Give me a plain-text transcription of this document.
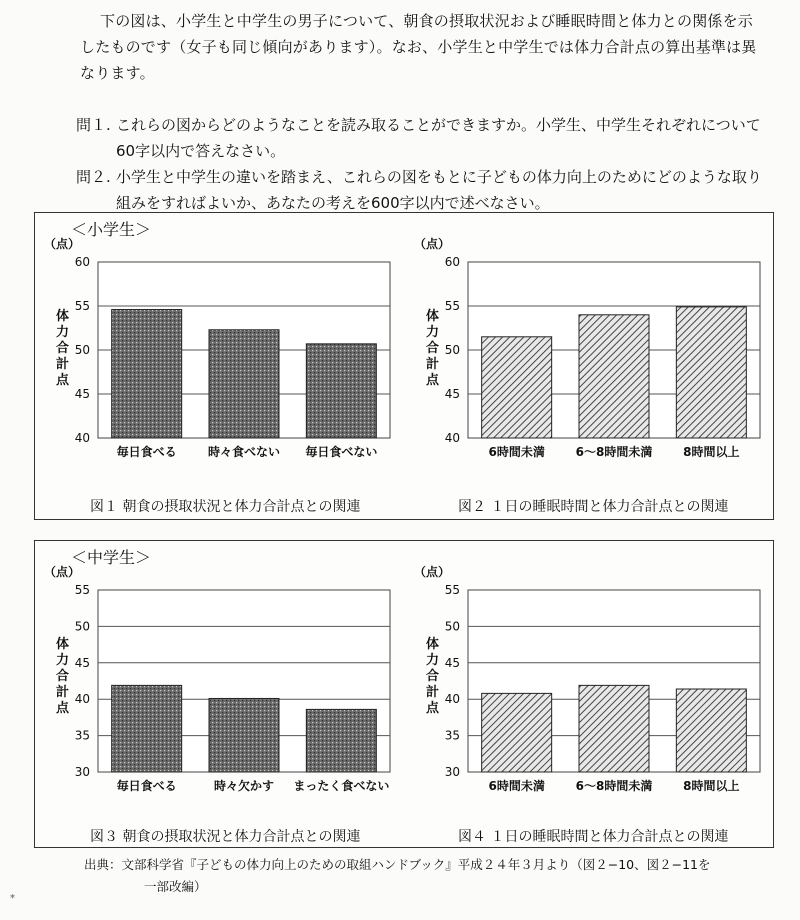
下の図は、小学生と中学生の男子について、朝食の摂取状況および睡眠時間と体力との関係を示したものです（女子も同じ傾向があります）。なお、小学生と中学生では体力合計点の算出基準は異なります。
問１. これらの図からどのようなことを読み取ることができますか。小学生、中学生それぞれについて60字以内で答えなさい。
問２. 小学生と中学生の違いを踏まえ、これらの図をもとに子どもの体力向上のためにどのような取り組みをすればよいか、あなたの考えを600字以内で述べなさい。
＜小学生＞
＜中学生＞
40
45
50
55
60
（点）
体力合計点
毎日食べる	時々食べない 毎日食べない
40
45
50
55
60
（点）
体力合計点
6時間未満	6～8時間未満	8時間以上
30
35
40
45
50
55
（点）
体力合計点
毎日食べる	時々欠かす まったく食べない
30
35
40
45
50
55
（点）
体力合計点
6時間未満	6～8時間未満	8時間以上
図１ 朝食の摂取状況と体力合計点との関連	図２ １日の睡眠時間と体力合計点との関連
図３ 朝食の摂取状況と体力合計点との関連	図４ １日の睡眠時間と体力合計点との関連
出典：文部科学省『子どもの体力向上のための取組ハンドブック』平成２４年３月より（図２−10、図２−11を
一部改編）
*
